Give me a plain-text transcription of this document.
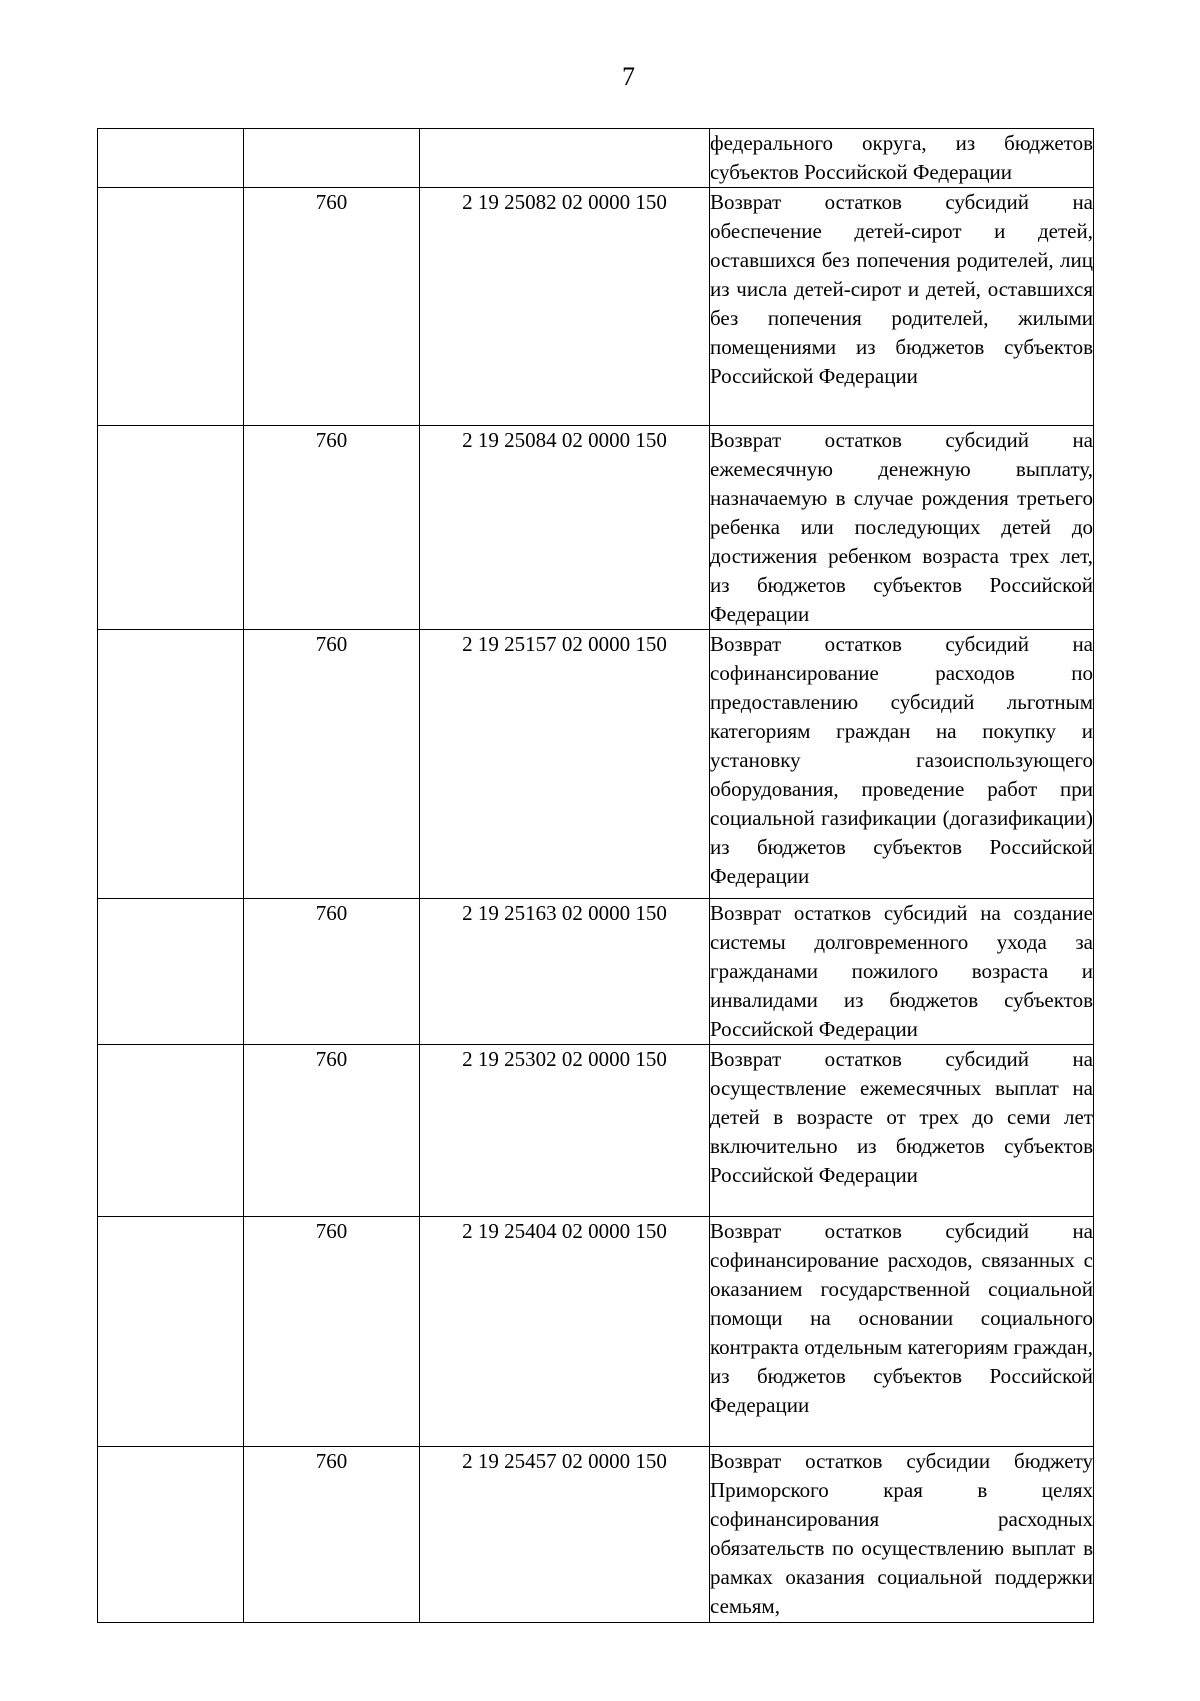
7
			федерального округа, из бюджетов субъектов Российской Федерации
	760	2 19 25082 02 0000 150	Возврат остатков субсидий на обеспечение детей-сирот и детей, оставшихся без попечения родителей, лиц из числа детей-сирот и детей, оставшихся без попечения родителей, жилыми помещениями из бюджетов субъектов Российской Федерации
	760	2 19 25084 02 0000 150	Возврат остатков субсидий на ежемесячную денежную выплату, назначаемую в случае рождения третьего ребенка или последующих детей до достижения ребенком возраста трех лет, из бюджетов субъектов Российской Федерации
	760	2 19 25157 02 0000 150	Возврат остатков субсидий на софинансирование расходов по предоставлению субсидий льготным категориям граждан на покупку и установку газоиспользующего оборудования, проведение работ при социальной газификации (догазификации) из бюджетов субъектов Российской Федерации
	760	2 19 25163 02 0000 150	Возврат остатков субсидий на создание системы долговременного ухода за гражданами пожилого возраста и инвалидами из бюджетов субъектов Российской Федерации
	760	2 19 25302 02 0000 150	Возврат остатков субсидий на осуществление ежемесячных выплат на детей в возрасте от трех до семи лет включительно из бюджетов субъектов Российской Федерации
	760	2 19 25404 02 0000 150	Возврат остатков субсидий на софинансирование расходов, связанных с оказанием государственной социальной помощи на основании социального контракта отдельным категориям граждан, из бюджетов субъектов Российской Федерации
	760	2 19 25457 02 0000 150	Возврат остатков субсидии бюджету Приморского края в целях софинансирования расходных обязательств по осуществлению выплат в рамках оказания социальной поддержки семьям,
